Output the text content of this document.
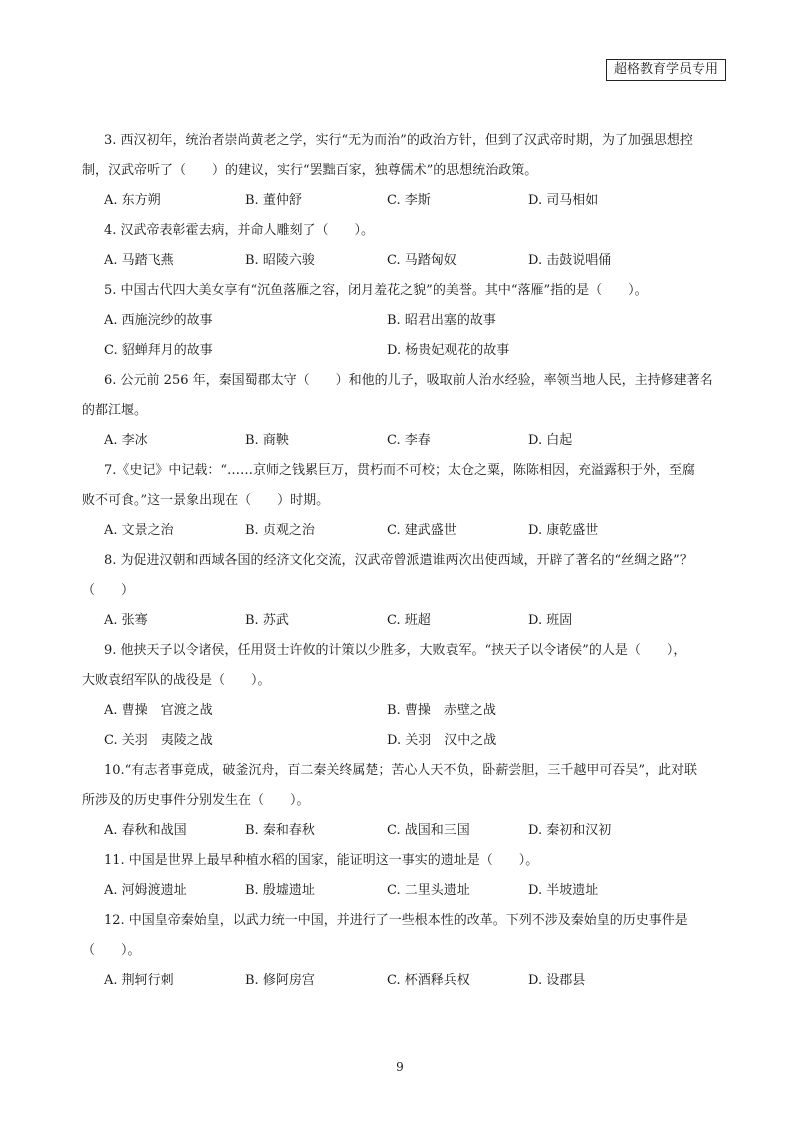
超格教育学员专用
3. 西汉初年，统治者崇尚黄老之学，实行“无为而治”的政治方针，但到了汉武帝时期，为了加强思想控
制，汉武帝听了（　　）的建议，实行“罢黜百家，独尊儒术”的思想统治政策。
A. 东方朔	B. 董仲舒	C. 李斯	D. 司马相如
4. 汉武帝表彰霍去病，并命人雕刻了（　　）。
A. 马踏飞燕	B. 昭陵六骏	C. 马踏匈奴	D. 击鼓说唱俑
5. 中国古代四大美女享有“沉鱼落雁之容，闭月羞花之貌”的美誉。其中“落雁”指的是（　　）。
A. 西施浣纱的故事	B. 昭君出塞的故事
C. 貂蝉拜月的故事	D. 杨贵妃观花的故事
6. 公元前 256 年，秦国蜀郡太守（　　）和他的儿子，吸取前人治水经验，率领当地人民，主持修建著名
的都江堰。
A. 李冰	B. 商鞅	C. 李春	D. 白起
7.《史记》中记载：“……京师之钱累巨万，贯朽而不可校；太仓之粟，陈陈相因，充溢露积于外，至腐
败不可食。”这一景象出现在（　　）时期。
A. 文景之治	B. 贞观之治	C. 建武盛世	D. 康乾盛世
8. 为促进汉朝和西域各国的经济文化交流，汉武帝曾派遣谁两次出使西域，开辟了著名的“丝绸之路”？
（　　）
A. 张骞	B. 苏武	C. 班超	D. 班固
9. 他挟天子以令诸侯，任用贤士许攸的计策以少胜多，大败袁军。“挟天子以令诸侯”的人是（　　），
大败袁绍军队的战役是（　　）。
A. 曹操　官渡之战	B. 曹操　赤壁之战
C. 关羽　夷陵之战	D. 关羽　汉中之战
10.“有志者事竟成，破釜沉舟，百二秦关终属楚；苦心人天不负，卧薪尝胆，三千越甲可吞吴”，此对联
所涉及的历史事件分别发生在（　　）。
A. 春秋和战国	B. 秦和春秋	C. 战国和三国	D. 秦初和汉初
11. 中国是世界上最早种植水稻的国家，能证明这一事实的遗址是（　　）。
A. 河姆渡遗址	B. 殷墟遗址	C. 二里头遗址	D. 半坡遗址
12. 中国皇帝秦始皇，以武力统一中国，并进行了一些根本性的改革。下列不涉及秦始皇的历史事件是
（　　）。
A. 荆轲行刺	B. 修阿房宫	C. 杯酒释兵权	D. 设郡县
9
